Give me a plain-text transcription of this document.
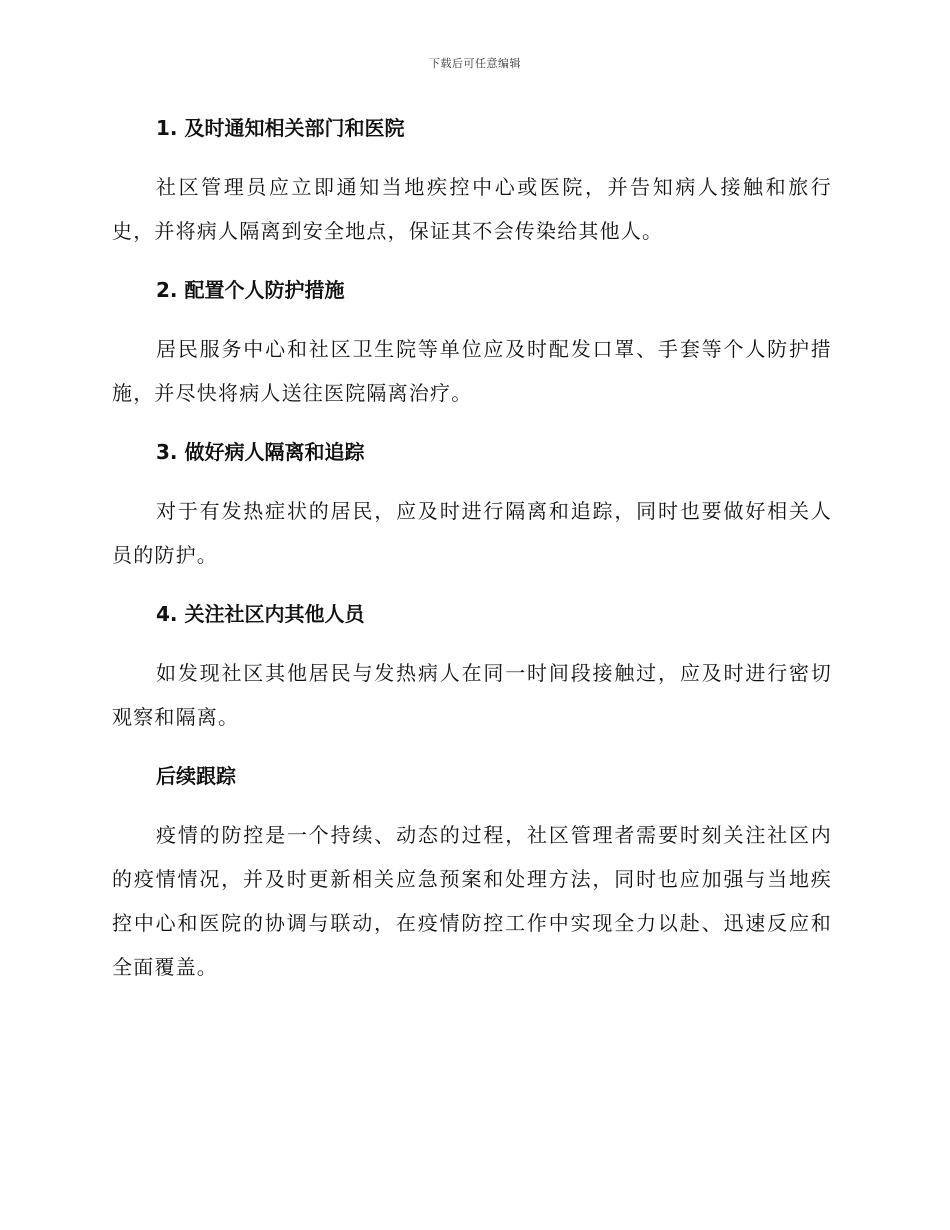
下载后可任意编辑
1. 及时通知相关部门和医院

社区管理员应立即通知当地疾控中心或医院，并告知病人接触和旅行史，并将病人隔离到安全地点，保证其不会传染给其他人。

2. 配置个人防护措施

居民服务中心和社区卫生院等单位应及时配发口罩、手套等个人防护措施，并尽快将病人送往医院隔离治疗。

3. 做好病人隔离和追踪

对于有发热症状的居民，应及时进行隔离和追踪，同时也要做好相关人员的防护。

4. 关注社区内其他人员

如发现社区其他居民与发热病人在同一时间段接触过，应及时进行密切观察和隔离。

后续跟踪

疫情的防控是一个持续、动态的过程，社区管理者需要时刻关注社区内的疫情情况，并及时更新相关应急预案和处理方法，同时也应加强与当地疾控中心和医院的协调与联动，在疫情防控工作中实现全力以赴、迅速反应和全面覆盖。
